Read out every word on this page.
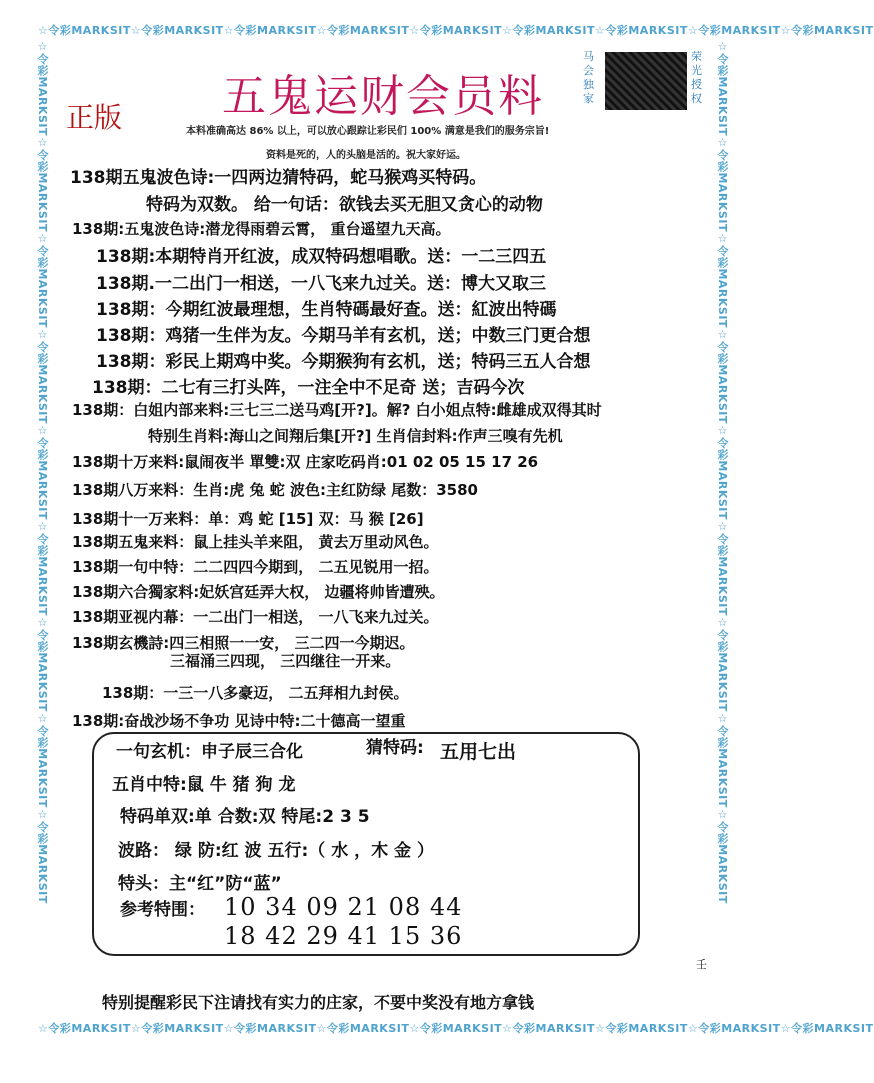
☆令彩MARKSIT☆令彩MARKSIT☆令彩MARKSIT☆令彩MARKSIT☆令彩MARKSIT☆令彩MARKSIT☆令彩MARKSIT☆令彩MARKSIT☆令彩MARKSIT
☆令彩MARKSIT☆令彩MARKSIT☆令彩MARKSIT☆令彩MARKSIT☆令彩MARKSIT☆令彩MARKSIT☆令彩MARKSIT☆令彩MARKSIT☆令彩MARKSIT
☆令彩MARKSIT☆令彩MARKSIT☆令彩MARKSIT☆令彩MARKSIT☆令彩MARKSIT☆令彩MARKSIT☆令彩MARKSIT☆令彩MARKSIT☆令彩MARKSIT	☆令彩MARKSIT☆令彩MARKSIT☆令彩MARKSIT☆令彩MARKSIT☆令彩MARKSIT☆令彩MARKSIT☆令彩MARKSIT☆令彩MARKSIT☆令彩MARKSIT
五鬼运财会员料
正版
马会独家
荣光授权
本料准确高达 86% 以上，可以放心跟踪让彩民们 100% 满意是我们的服务宗旨!
资料是死的，人的头脑是活的。祝大家好运。
138期五鬼波色诗:一四两边猜特码，蛇马猴鸡买特码。
特码为双数。 给一句话：欲钱去买无胆又贪心的动物
138期:五鬼波色诗:潜龙得雨碧云霄， 重台遥望九天高。
138期:本期特肖开红波，成双特码想唱歌。送：一二三四五
138期.一二出门一相送，一八飞来九过关。送：博大又取三
138期：今期红波最理想，生肖特碼最好查。送：紅波出特碼
138期：鸡猪一生伴为友。今期马羊有玄机，送；中数三门更合想
138期：彩民上期鸡中奖。今期猴狗有玄机，送；特码三五人合想
138期：二七有三打头阵，一注全中不足奇 送；吉码今次
138期：白姐内部来料:三七三二送马鸡[开?]。解? 白小姐点特:雌雄成双得其时
特别生肖料:海山之间翔后集[开?] 生肖信封料:作声三嗅有先机
138期十万来料:鼠闹夜半 單雙:双 庄家吃码肖:01 02 05 15 17 26
138期八万来料：生肖:虎 兔 蛇 波色:主红防绿 尾数：3580
138期十一万来料：单：鸡 蛇 [15] 双：马 猴 [26]
138期五鬼来料：鼠上挂头羊来阻， 黄去万里动风色。
138期一句中特：二二四四今期到， 二五见锐用一招。
138期六合獨家料:妃妖宫廷弄大权， 边疆将帅皆遭殃。
138期亚视内幕：一二出门一相送， 一八飞来九过关。
138期玄機詩:四三相照一一安， 三二四一今期迟。
三福涌三四现， 三四继往一开来。
138期：一三一八多豪迈， 二五拜相九封侯。
138期:奋战沙场不争功 见诗中特:二十德高一望重
一句玄机：申子辰三合化	猜特码: 五用七出
五肖中特:鼠 牛 猪 狗 龙
特码单双:单 合数:双 特尾:2 3 5
波路： 绿 防:红 波 五行:（ 水 ，木 金 ）
特头：主“红”防“蓝”
参考特围： 10 34 09 21 08 44
18 42 29 41 15 36
特别提醒彩民下注请找有实力的庄家，不要中奖没有地方拿钱
壬
